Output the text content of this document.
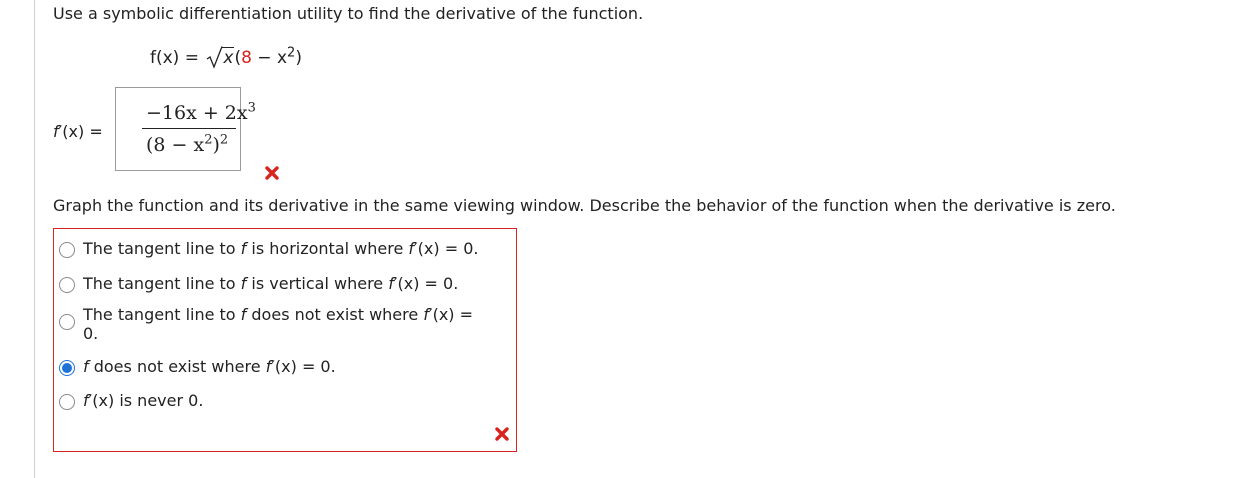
Use a symbolic differentiation utility to find the derivative of the function.
$f(x) = x(8 - x^2)$
f′(x) =
$-16x + 2x^3$
$(8 - x^2)^2$
Graph the function and its derivative in the same viewing window. Describe the behavior of the function when the derivative is zero.
The tangent line to f is horizontal where f′(x) = 0.
The tangent line to f is vertical where f′(x) = 0.
The tangent line to f does not exist where f′(x) =
0.
f does not exist where f′(x) = 0.
f′(x) is never 0.
